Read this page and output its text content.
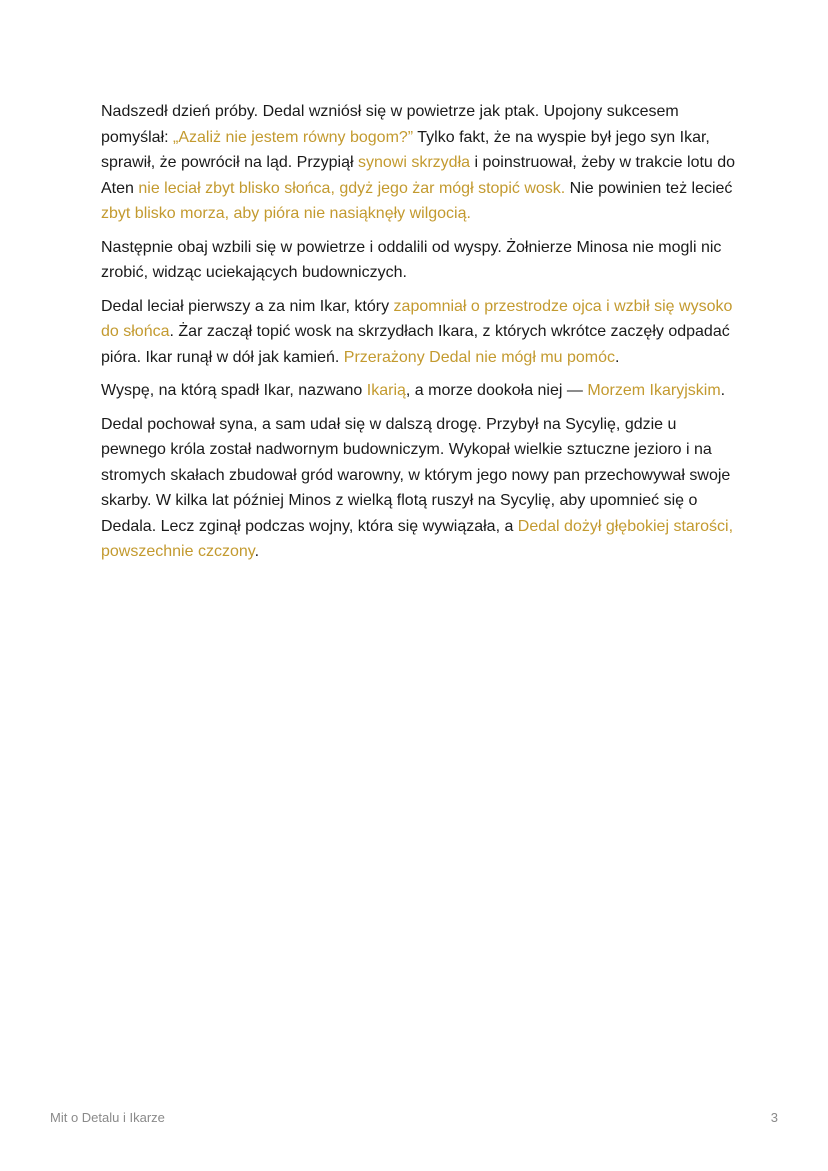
Nadszedł dzień próby. Dedal wzniósł się w powietrze jak ptak. Upojony sukcesem pomyślał: „Azaliż nie jestem równy bogom?” Tylko fakt, że na wyspie był jego syn Ikar, sprawił, że powrócił na ląd. Przypiął synowi skrzydła i poinstruował, żeby w trakcie lotu do Aten nie leciał zbyt blisko słońca, gdyż jego żar mógł stopić wosk. Nie powinien też lecieć zbyt blisko morza, aby pióra nie nasiąknęły wilgocią.

Następnie obaj wzbili się w powietrze i oddalili od wyspy. Żołnierze Minosa nie mogli nic zrobić, widząc uciekających budowniczych.

Dedal leciał pierwszy a za nim Ikar, który zapomniał o przestrodze ojca i wzbił się wysoko do słońca. Żar zaczął topić wosk na skrzydłach Ikara, z których wkrótce zaczęły odpadać pióra. Ikar runął w dół jak kamień. Przerażony Dedal nie mógł mu pomóc.

Wyspę, na którą spadł Ikar, nazwano Ikarią, a morze dookoła niej — Morzem Ikaryjskim.

Dedal pochował syna, a sam udał się w dalszą drogę. Przybył na Sycylię, gdzie u pewnego króla został nadwornym budowniczym. Wykopał wielkie sztuczne jezioro i na stromych skałach zbudował gród warowny, w którym jego nowy pan przechowywał swoje skarby. W kilka lat później Minos z wielką flotą ruszył na Sycylię, aby upomnieć się o Dedala. Lecz zginął podczas wojny, która się wywiązała, a Dedal dożył głębokiej starości, powszechnie czczony.

Mit o Detalu i Ikarze	3
